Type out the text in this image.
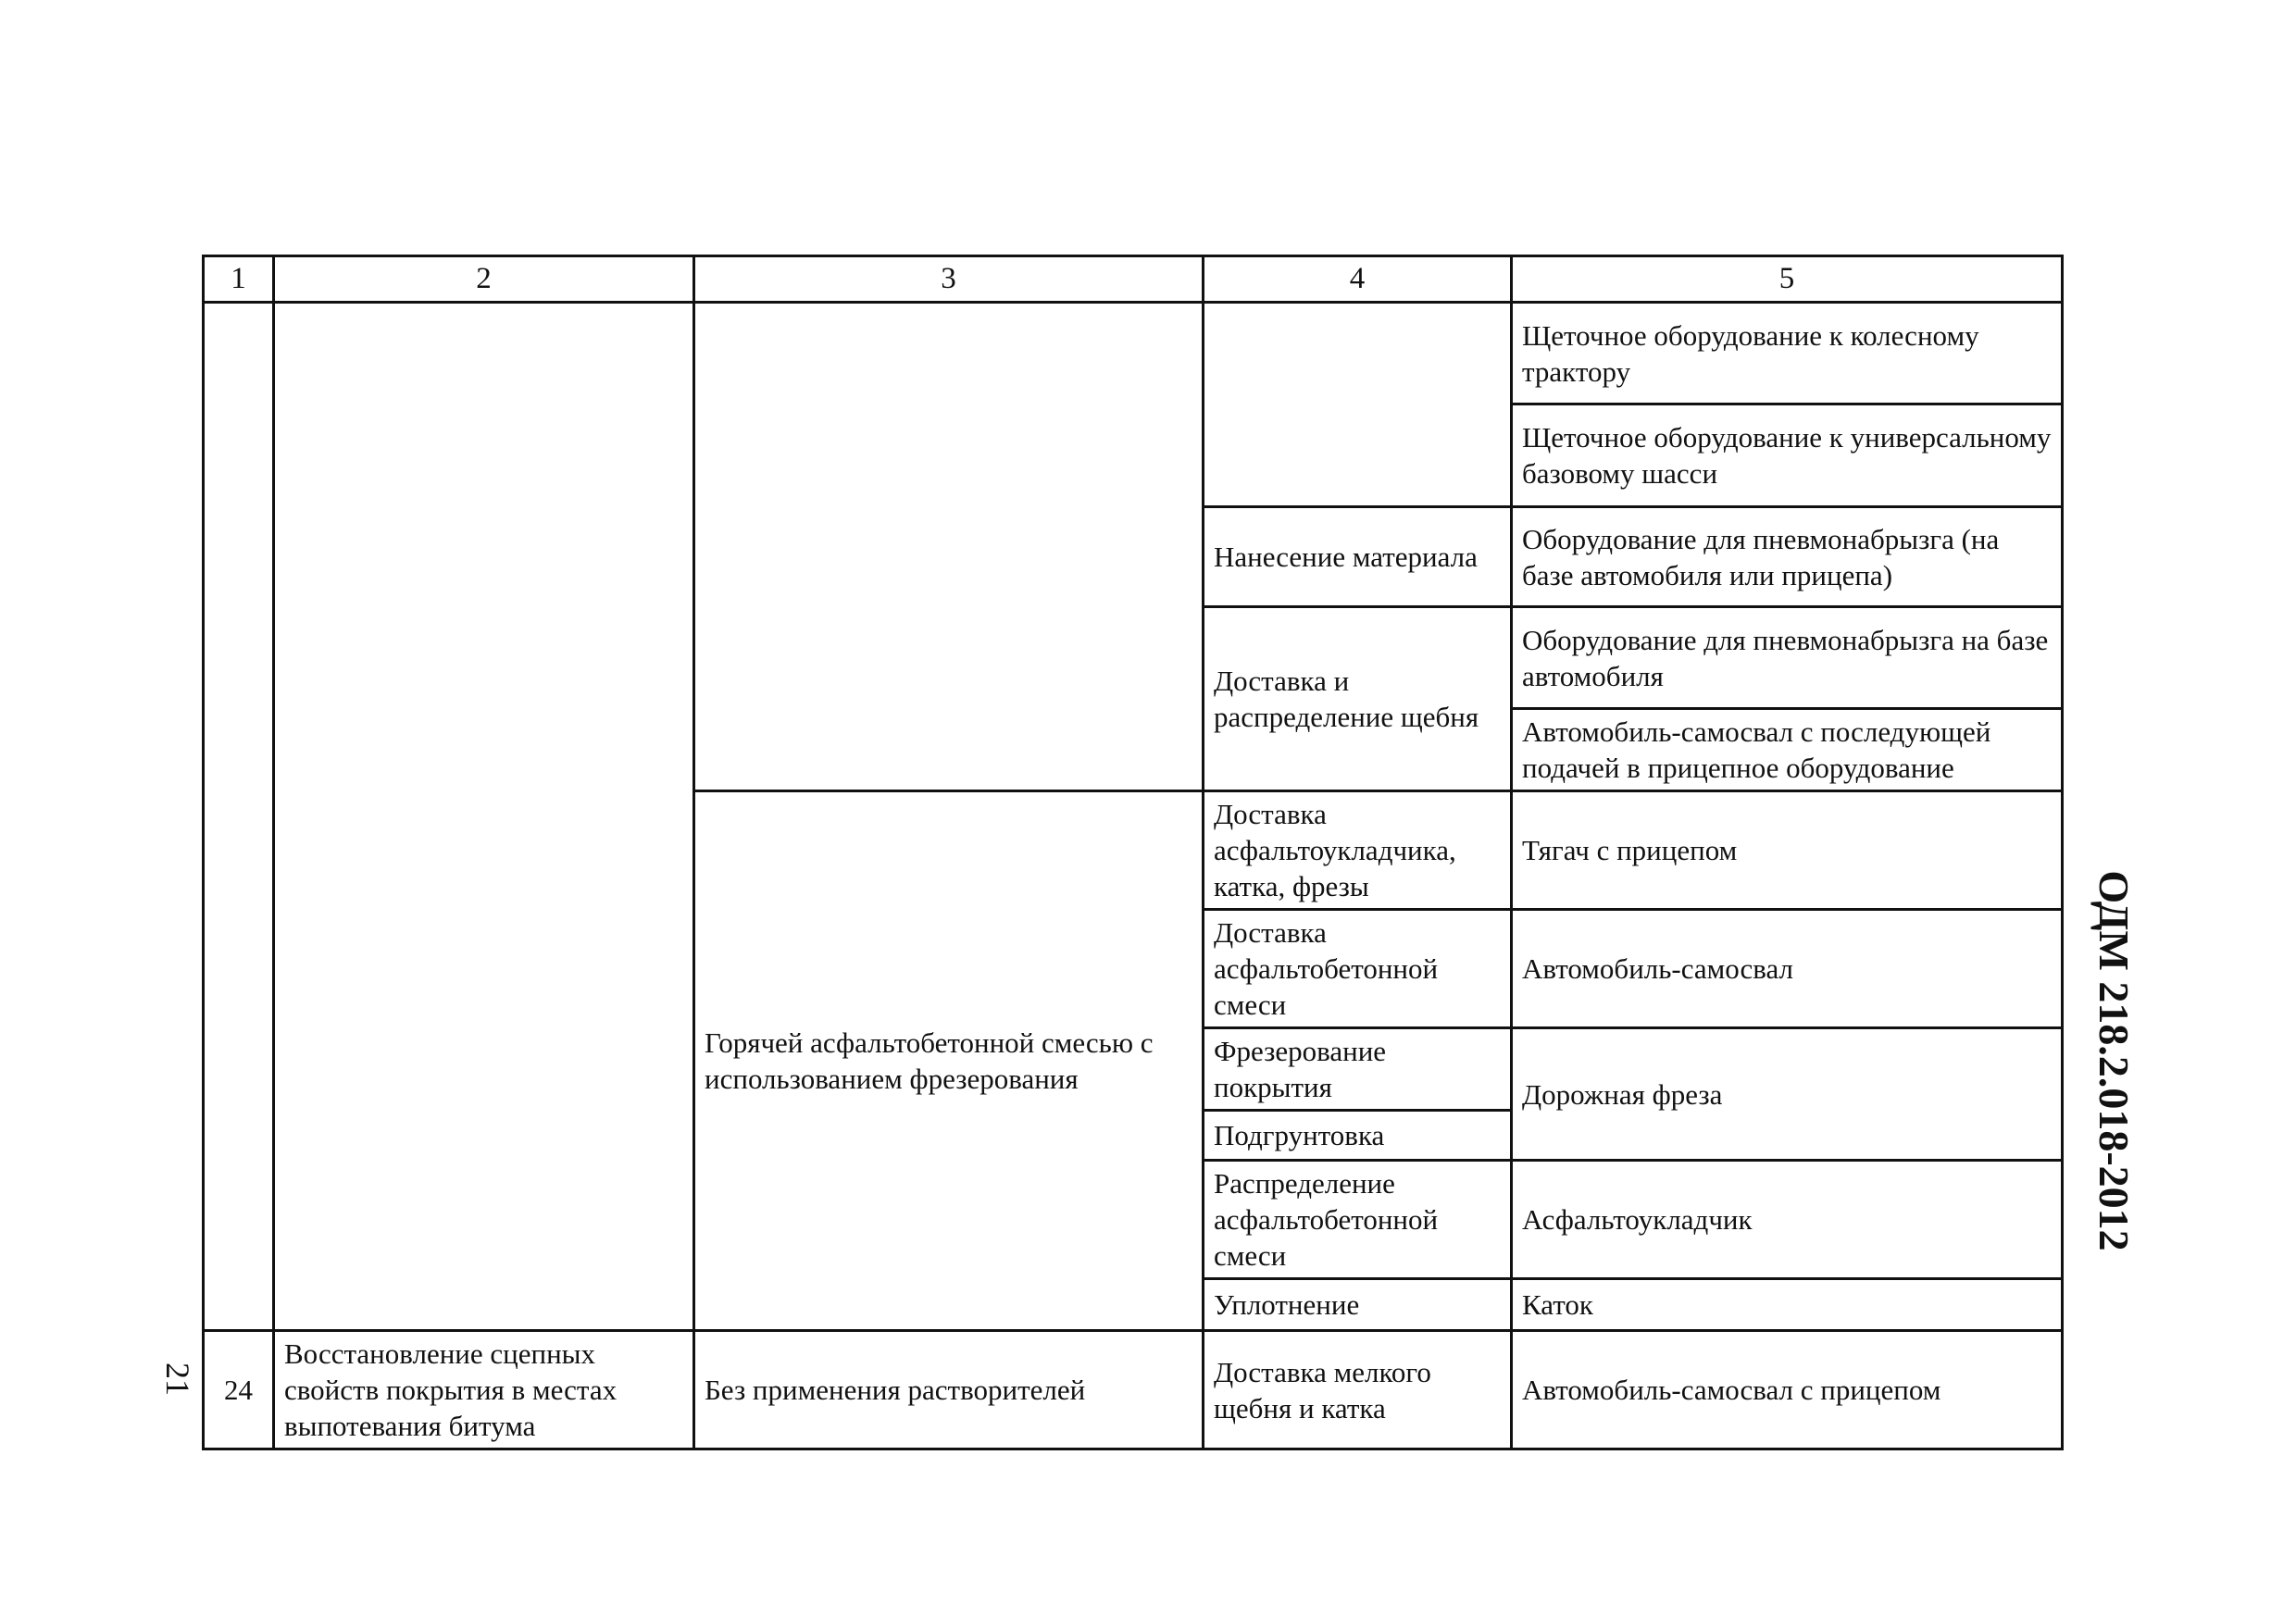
1	2	3	4	5
				Щеточное оборудование к колесному трактору
				Щеточное оборудование к универсальному базовому шасси
			Нанесение материала	Оборудование для пневмонабрызга (на базе автомобиля или прицепа)
			Доставка и распределение щебня	Оборудование для пневмонабрызга на базе автомобиля
				Автомобиль-самосвал с последующей подачей в прицепное оборудование
		Горячей асфальтобетонной смесью с использованием фрезерования	Доставка асфальтоукладчика, катка, фрезы	Тягач с прицепом
			Доставка асфальтобетонной смеси	Автомобиль-самосвал
			Фрезерование покрытия	Дорожная фреза
			Подгрунтовка	
			Распределение асфальтобетонной смеси	Асфальтоукладчик
			Уплотнение	Каток
24	Восстановление сцепных свойств покрытия в местах выпотевания битума	Без применения растворителей	Доставка мелкого щебня и катка	Автомобиль-самосвал с прицепом
21
ОДМ 218.2.018-2012
